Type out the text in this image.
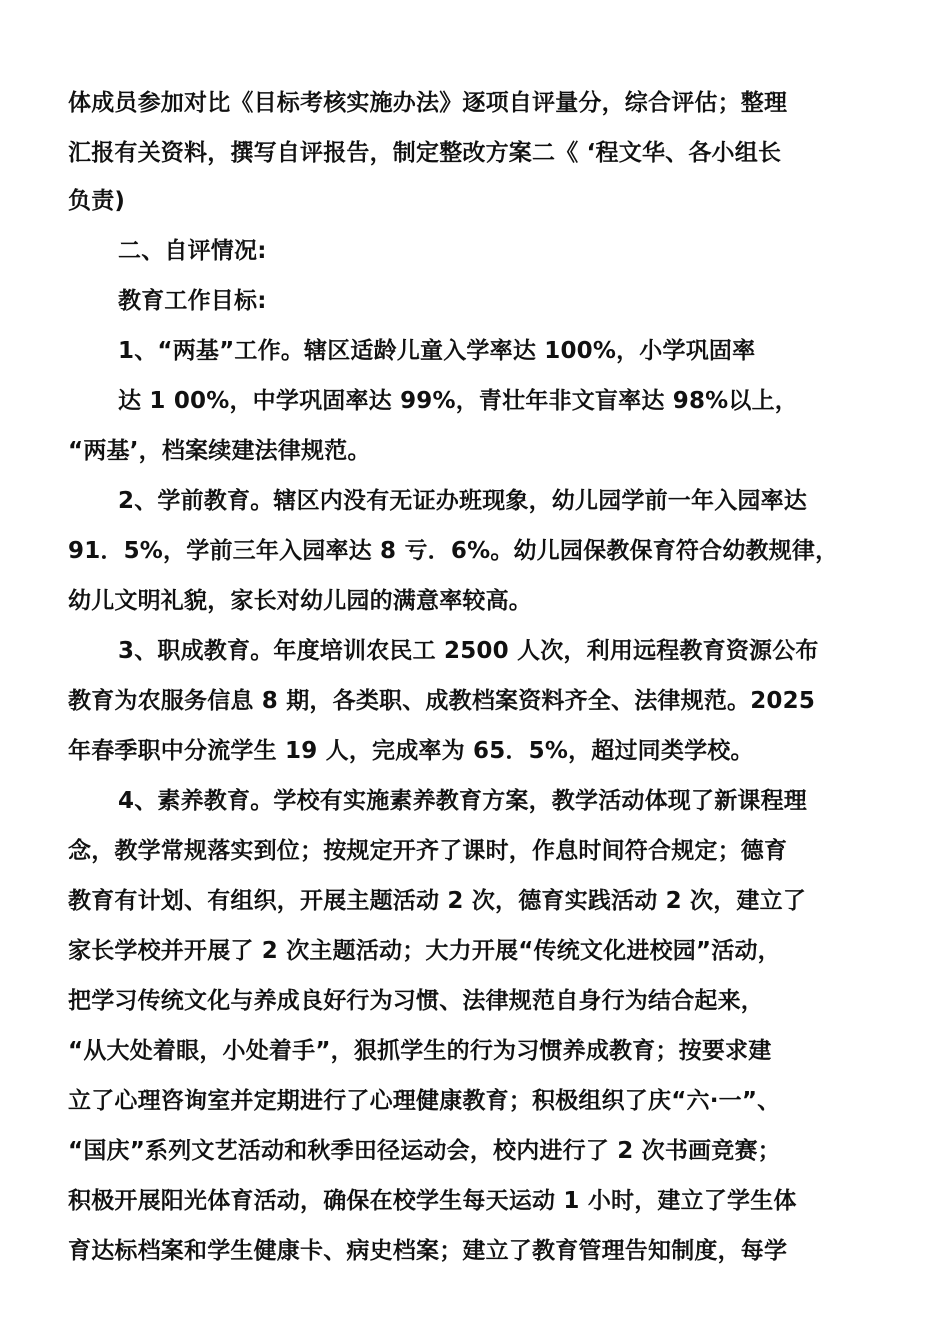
体成员参加对比《目标考核实施办法》逐项自评量分，综合评估；整理
汇报有关资料，撰写自评报告，制定整改方案二《 ‘程文华、各小组长
负责)
二、自评情况:
教育工作目标:
1、“两基”工作。辖区适龄儿童入学率达 100%，小学巩固率
达 1 00%，中学巩固率达 99%，青壮年非文盲率达 98%以上，
“两基’，档案续建法律规范。
2、学前教育。辖区内没有无证办班现象，幼儿园学前一年入园率达
91．5%，学前三年入园率达 8 亏．6%。幼儿园保教保育符合幼教规律，
幼儿文明礼貌，家长对幼儿园的满意率较高。
3、职成教育。年度培训农民工 2500 人次，利用远程教育资源公布
教育为农服务信息 8 期，各类职、成教档案资料齐全、法律规范。2025
年春季职中分流学生 19 人，完成率为 65．5%，超过同类学校。
4、素养教育。学校有实施素养教育方案，教学活动体现了新课程理
念，教学常规落实到位；按规定开齐了课时，作息时间符合规定；德育
教育有计划、有组织，开展主题活动 2 次，德育实践活动 2 次，建立了
家长学校并开展了 2 次主题活动；大力开展“传统文化进校园”活动，
把学习传统文化与养成良好行为习惯、法律规范自身行为结合起来，
“从大处着眼，小处着手”，狠抓学生的行为习惯养成教育；按要求建
立了心理咨询室并定期进行了心理健康教育；积极组织了庆“六·一”、
“国庆”系列文艺活动和秋季田径运动会，校内进行了 2 次书画竞赛；
积极开展阳光体育活动，确保在校学生每天运动 1 小时，建立了学生体
育达标档案和学生健康卡、病史档案；建立了教育管理告知制度，每学
